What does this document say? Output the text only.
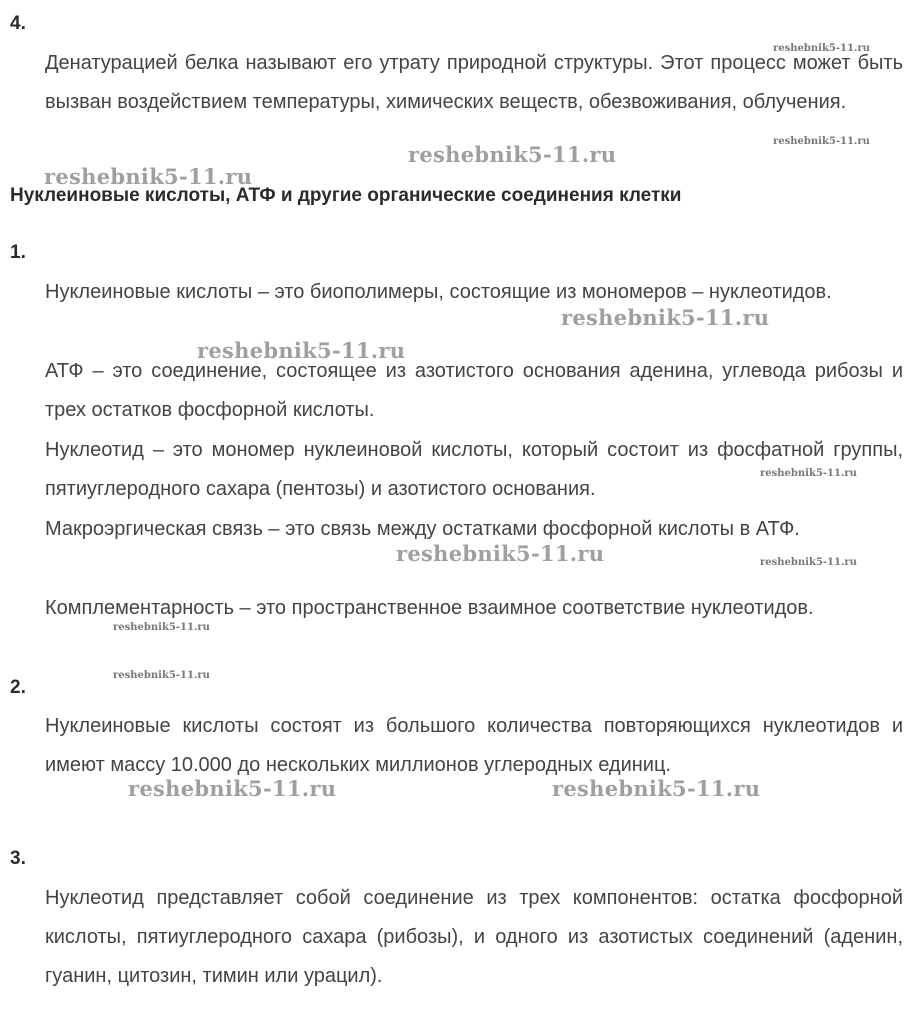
4.
Денатурацией белка называют его утрату природной структуры. Этот процесс может быть вызван воздействием температуры, химических веществ, обезвоживания, облучения.
Нуклеиновые кислоты, АТФ и другие органические соединения клетки
1.
Нуклеиновые кислоты – это биополимеры, состоящие из мономеров – нуклеотидов.
АТФ – это соединение, состоящее из азотистого основания аденина, углевода рибозы и трех остатков фосфорной кислоты.
Нуклеотид – это мономер нуклеиновой кислоты, который состоит из фосфатной группы, пятиуглеродного сахара (пентозы) и азотистого основания.
Макроэргическая связь – это связь между остатками фосфорной кислоты в АТФ.
Комплементарность – это пространственное взаимное соответствие нуклеотидов.
2.
Нуклеиновые кислоты состоят из большого количества повторяющихся нуклеотидов и имеют массу 10.000 до нескольких миллионов углеродных единиц.
3.
Нуклеотид представляет собой соединение из трех компонентов: остатка фосфорной кислоты, пятиуглеродного сахара (рибозы), и одного из азотистых соединений (аденин, гуанин, цитозин, тимин или урацил).
reshebnik5-11.ru
reshebnik5-11.ru
reshebnik5-11.ru
reshebnik5-11.ru
reshebnik5-11.ru
reshebnik5-11.ru
reshebnik5-11.ru
reshebnik5-11.ru	reshebnik5-11.ru
reshebnik5-11.ru
reshebnik5-11.ru
reshebnik5-11.ru	reshebnik5-11.ru
